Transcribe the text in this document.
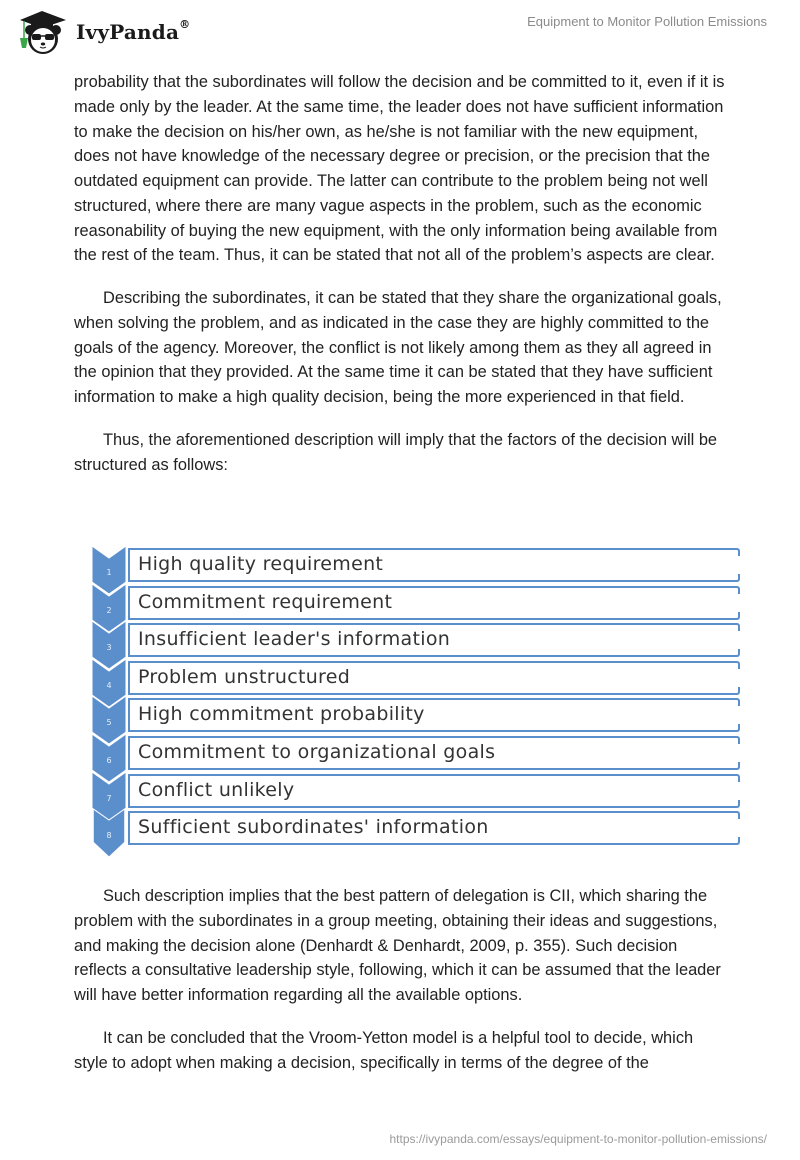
IvyPanda®	Equipment to Monitor Pollution Emissions

probability that the subordinates will follow the decision and be committed to it, even if it is made only by the leader. At the same time, the leader does not have sufficient information to make the decision on his/her own, as he/she is not familiar with the new equipment, does not have knowledge of the necessary degree or precision, or the precision that the outdated equipment can provide. The latter can contribute to the problem being not well structured, where there are many vague aspects in the problem, such as the economic reasonability of buying the new equipment, with the only information being available from the rest of the team. Thus, it can be stated that not all of the problem’s aspects are clear.

Describing the subordinates, it can be stated that they share the organizational goals, when solving the problem, and as indicated in the case they are highly committed to the goals of the agency. Moreover, the conflict is not likely among them as they all agreed in the opinion that they provided. At the same time it can be stated that they have sufficient information to make a high quality decision, being the more experienced in that field.

Thus, the aforementioned description will imply that the factors of the decision will be structured as follows:

1	High quality requirement
2	Commitment requirement
3	Insufficient leader's information
4	Problem unstructured
5	High commitment probability
6	Commitment to organizational goals
7	Conflict unlikely
8	Sufficient subordinates' information

Such description implies that the best pattern of delegation is CII, which sharing the problem with the subordinates in a group meeting, obtaining their ideas and suggestions, and making the decision alone (Denhardt & Denhardt, 2009, p. 355). Such decision reflects a consultative leadership style, following, which it can be assumed that the leader will have better information regarding all the available options.

It can be concluded that the Vroom-Yetton model is a helpful tool to decide, which style to adopt when making a decision, specifically in terms of the degree of the

https://ivypanda.com/essays/equipment-to-monitor-pollution-emissions/
